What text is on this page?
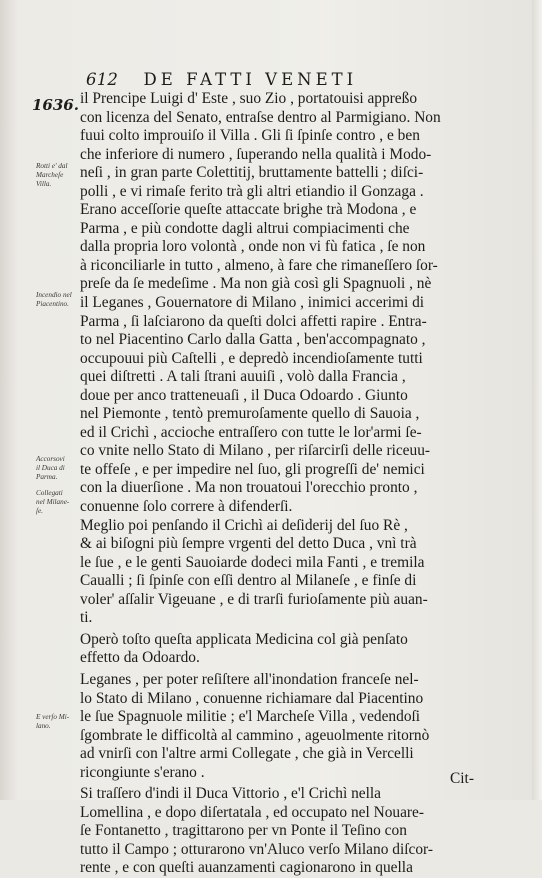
612 DE FATTI VENETI
1636. il Prencipe Luigi d' Este , suo Zio , portatouisi appreßo
con licenza del Senato, entraſse dentro al Parmigiano. Non
fuui colto improuiſo il Villa . Gli ſi ſpinſe contro , e ben
che inferiore di numero , ſuperando nella qualità i Modo-
neſi , in gran parte Colettitij, bruttamente battelli ; diſci-
polli , e vi rimaſe ferito trà gli altri etiandio il Gonzaga .
Erano acceſſorie queſte attaccate brighe trà Modona , e
Parma , e più condotte dagli altrui compiacimenti che
dalla propria loro volontà , onde non vi fù fatica , ſe non
à riconciliarle in tutto , almeno, à fare che rimaneſſero ſor-
preſe da ſe medeſime . Ma non già così gli Spagnuoli , nè
il Leganes , Gouernatore di Milano , inimici accerimi di
Parma , ſi laſciarono da queſti dolci affetti rapire . Entra-
to nel Piacentino Carlo dalla Gatta , ben'accompagnato ,
occupouui più Caſtelli , e depredò incendioſamente tutti
quei diſtretti . A tali ſtrani auuiſi , volò dalla Francia ,
doue per anco tratteneuaſi , il Duca Odoardo . Giunto
nel Piemonte , tentò premuroſamente quello di Sauoia ,
ed il Crichì , accioche entraſſero con tutte le lor'armi ſe-
co vnite nello Stato di Milano , per riſarcirſi delle riceuu-
te offeſe , e per impedire nel ſuo, gli progreſſi de' nemici
con la diuerſione . Ma non trouatoui l'orecchio pronto ,
conuenne ſolo correre à difenderſi.
Meglio poi penſando il Crichì ai deſiderij del ſuo Rè ,
& ai biſogni più ſempre vrgenti del detto Duca , vnì trà
le ſue , e le genti Sauoiarde dodeci mila Fanti , e tremila
Caualli ; ſi ſpinſe con eſſi dentro al Milaneſe , e finſe di
voler' aſſalir Vigeuane , e di trarſi furioſamente più auan-
ti.
Operò toſto queſta applicata Medicina col già penſato
effetto da Odoardo.
Leganes , per poter reſiſtere all'inondation franceſe nel-
lo Stato di Milano , conuenne richiamare dal Piacentino
le ſue Spagnuole militie ; e'l Marcheſe Villa , vedendoſi
ſgombrate le difficoltà al cammino , ageuolmente ritornò
ad vnirſi con l'altre armi Collegate , che già in Vercelli
ricongiunte s'erano .
Si traſſero d'indi il Duca Vittorio , e'l Crichì nella
Lomellina , e dopo diſertatala , ed occupato nel Nouare-
ſe Fontanetto , tragittarono per vn Ponte il Teſino con
tutto il Campo ; otturarono vn'Aluco verſo Milano diſcor-
rente , e con queſti auanzamenti cagionarono in quella
Cit-
Rotti e' dal
Marcheſe
Villa.
Incendio nel
Piacentino.
Accorsovi
il Duca di
Parma.
Collegati
nel Milane-
ſe.
E verſo Mi-
lano.
